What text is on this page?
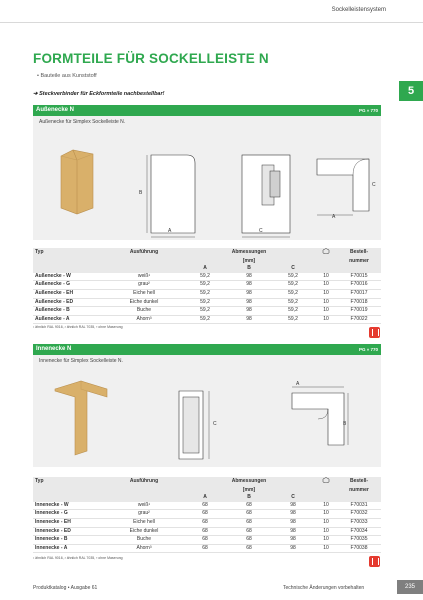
Sockelleistensystem
FORMTEILE FÜR SOCKELLEISTE N
• Bauteile aus Kunststoff
➔ Steckverbinder für Eckformteile nachbestellbar!	5
Außenecke N	PG » 770
Außenecke für Simplex Sockelleiste N.
B
A	C
A
C
Typ	Ausführung	Abmessungen				Bestell-
		[mm]				nummer
		A	B	C		
Außenecke - W	weiß¹	59,2	98	59,2	10	F70015
Außenecke - G	grau²	59,2	98	59,2	10	F70016
Außenecke - EH	Eiche hell	59,2	98	59,2	10	F70017
Außenecke - ED	Eiche dunkel	59,2	98	59,2	10	F70018
Außenecke - B	Buche	59,2	98	59,2	10	F70019
Außenecke - A	Ahorn³	59,2	98	59,2	10	F70022
¹ ähnlich RAL 9016, ² ähnlich RAL 7035, ³ ohne Maserung
Innenecke N	PG » 770
Innenecke für Simplex Sockelleiste N.
C
A
B
Typ	Ausführung	Abmessungen				Bestell-
		[mm]				nummer
		A	B	C		
Innenecke - W	weiß¹	68	68	98	10	F70031
Innenecke - G	grau²	68	68	98	10	F70032
Innenecke - EH	Eiche hell	68	68	98	10	F70033
Innenecke - ED	Eiche dunkel	68	68	98	10	F70034
Innenecke - B	Buche	68	68	98	10	F70035
Innenecke - A	Ahorn³	68	68	98	10	F70038
¹ ähnlich RAL 9016, ² ähnlich RAL 7035, ³ ohne Maserung
Produktkatalog • Ausgabe 61	Technische Änderungen vorbehalten	235
